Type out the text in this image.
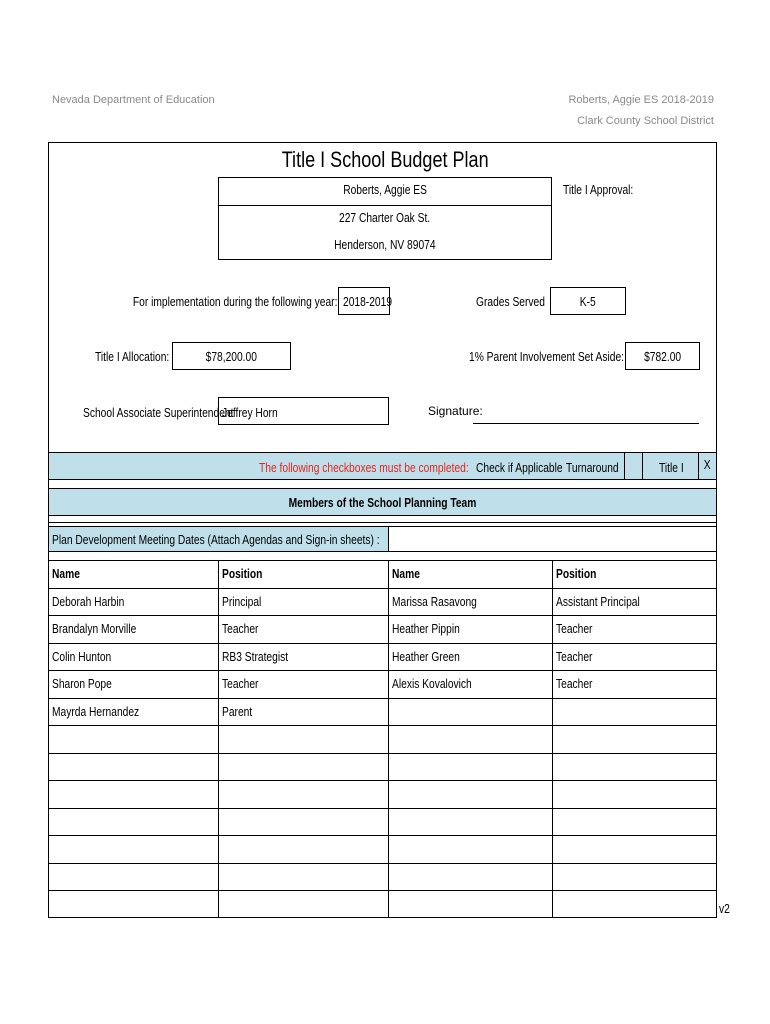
Nevada Department of Education	Roberts, Aggie ES 2018-2019
Clark County School District
Title I School Budget Plan
Roberts, Aggie ES
227 Charter Oak St.
Henderson, NV 89074
Title I Approval:
For implementation during the following year: 2018-2019	Grades Served	K-5
Title I Allocation:	$78,200.00	1% Parent Involvement Set Aside:	$782.00
School Associate Superintendent
Jeffrey Horn	Signature:
The following checkboxes must be completed: Check if Applicable Turnaround	Title I	X
Members of the School Planning Team
Plan Development Meeting Dates (Attach Agendas and Sign-in sheets) :
Name	Position	Name	Position
Deborah Harbin	Principal	Marissa Rasavong	Assistant Principal
Brandalyn Morville	Teacher	Heather Pippin	Teacher
Colin Hunton	RB3 Strategist	Heather Green	Teacher
Sharon Pope	Teacher	Alexis Kovalovich	Teacher
Mayrda Hernandez	Parent
v2
